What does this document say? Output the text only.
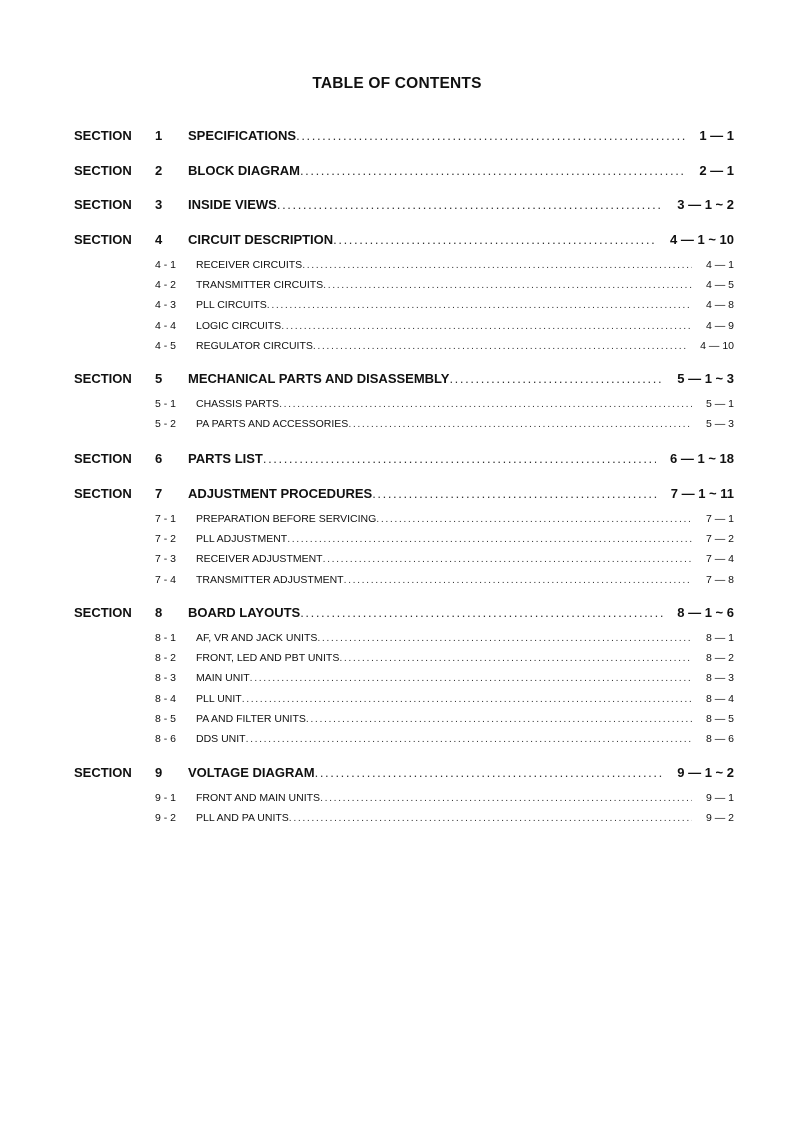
TABLE OF CONTENTS
SECTION 1 SPECIFICATIONS .....	1 — 1
SECTION 2 BLOCK DIAGRAM .....	2 — 1
SECTION 3 INSIDE VIEWS .....	3 — 1 ~ 2
SECTION 4 CIRCUIT DESCRIPTION .....	4 — 1 ~ 10
4 - 1 RECEIVER CIRCUITS .....	4 — 1
4 - 2 TRANSMITTER CIRCUITS .....	4 — 5
4 - 3 PLL CIRCUITS .....	4 — 8
4 - 4 LOGIC CIRCUITS .....	4 — 9
4 - 5 REGULATOR CIRCUITS .....	4 — 10
SECTION 5 MECHANICAL PARTS AND DISASSEMBLY .....	5 — 1 ~ 3
5 - 1 CHASSIS PARTS .....	5 — 1
5 - 2 PA PARTS AND ACCESSORIES .....	5 — 3
SECTION 6 PARTS LIST .....	6 — 1 ~ 18
SECTION 7 ADJUSTMENT PROCEDURES .....	7 — 1 ~ 11
7 - 1 PREPARATION BEFORE SERVICING .....	7 — 1
7 - 2 PLL ADJUSTMENT .....	7 — 2
7 - 3 RECEIVER ADJUSTMENT .....	7 — 4
7 - 4 TRANSMITTER ADJUSTMENT .....	7 — 8
SECTION 8 BOARD LAYOUTS .....	8 — 1 ~ 6
8 - 1 AF, VR AND JACK UNITS .....	8 — 1
8 - 2 FRONT, LED AND PBT UNITS .....	8 — 2
8 - 3 MAIN UNIT .....	8 — 3
8 - 4 PLL UNIT .....	8 — 4
8 - 5 PA AND FILTER UNITS .....	8 — 5
8 - 6 DDS UNIT .....	8 — 6
SECTION 9 VOLTAGE DIAGRAM .....	9 — 1 ~ 2
9 - 1 FRONT AND MAIN UNITS .....	9 — 1
9 - 2 PLL AND PA UNITS .....	9 — 2
